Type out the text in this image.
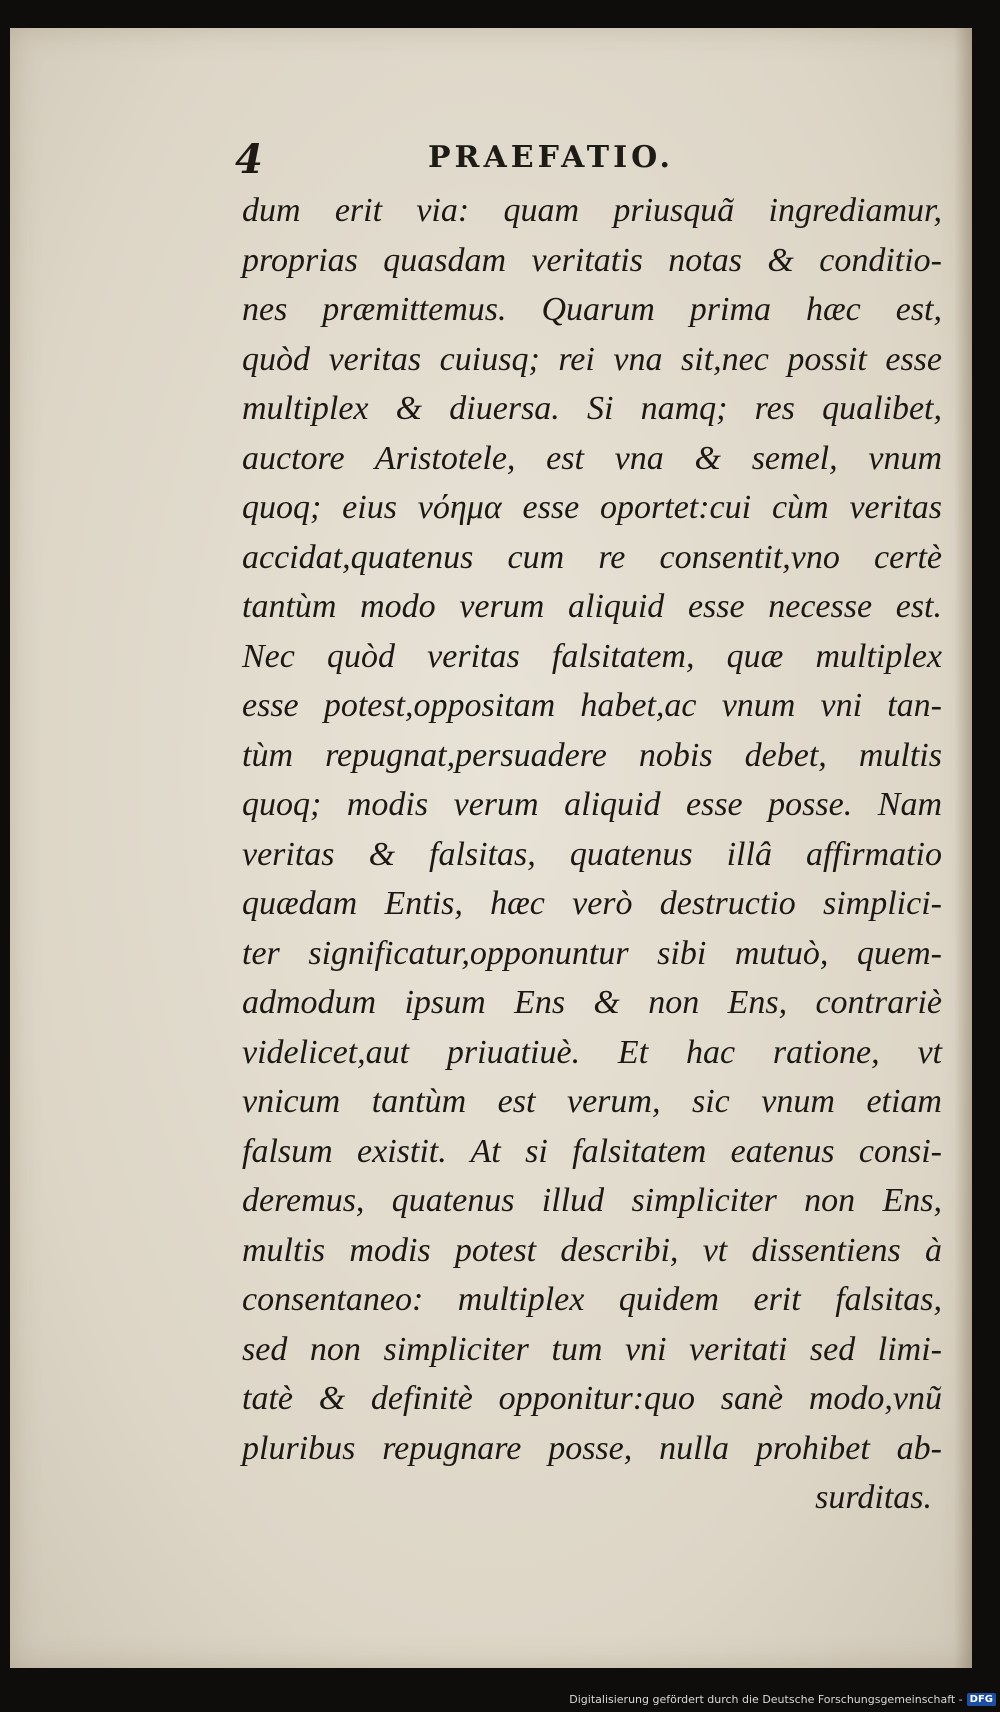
4	PRAEFATIO.
dum erit via: quam priusquã ingrediamur,
proprias quasdam veritatis notas & conditio-
nes præmittemus. Quarum prima hæc est,
quòd veritas cuiusq; rei vna sit,nec possit esse
multiplex & diuersa. Si namq; res qualibet,
auctore Aristotele, est vna & semel, vnum
quoq; eius νόημα esse oportet:cui cùm veritas
accidat,quatenus cum re consentit,vno certè
tantùm modo verum aliquid esse necesse est.
Nec quòd veritas falsitatem, quæ multiplex
esse potest,oppositam habet,ac vnum vni tan-
tùm repugnat,persuadere nobis debet, multis
quoq; modis verum aliquid esse posse. Nam
veritas & falsitas, quatenus illâ affirmatio
quædam Entis, hæc verò destructio simplici-
ter significatur,opponuntur sibi mutuò, quem-
admodum ipsum Ens & non Ens, contrariè
videlicet,aut priuatiuè. Et hac ratione, vt
vnicum tantùm est verum, sic vnum etiam
falsum existit. At si falsitatem eatenus consi-
deremus, quatenus illud simpliciter non Ens,
multis modis potest describi, vt dissentiens à
consentaneo: multiplex quidem erit falsitas,
sed non simpliciter tum vni veritati sed limi-
tatè & definitè opponitur:quo sanè modo,vnũ
pluribus repugnare posse, nulla prohibet ab-
surditas.
Digitalisierung gefördert durch die Deutsche Forschungsgemeinschaft - DFG
